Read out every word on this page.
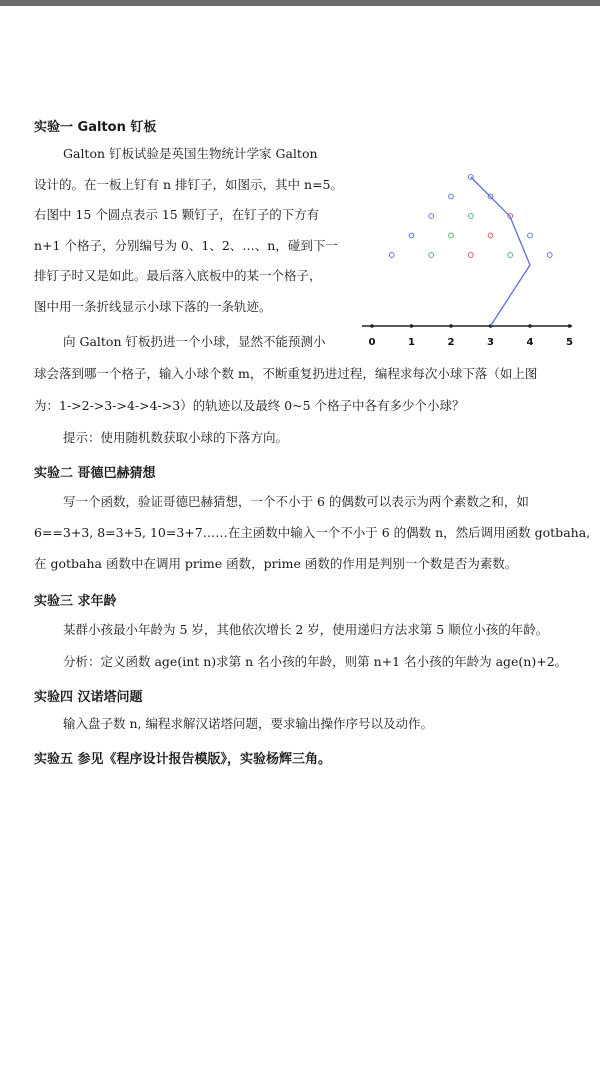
实验一 Galton 钉板
Galton 钉板试验是英国生物统计学家 Galton
设计的。在一板上钉有 n 排钉子，如图示，其中 n=5。
右图中 15 个圆点表示 15 颗钉子，在钉子的下方有
n+1 个格子，分别编号为 0、1、2、…、n，碰到下一
排钉子时又是如此。最后落入底板中的某一个格子，
图中用一条折线显示小球下落的一条轨迹。
向 Galton 钉板扔进一个小球，显然不能预测小
球会落到哪一个格子，输入小球个数 m，不断重复扔进过程，编程求每次小球下落（如上图
为：1->2->3->4->4->3）的轨迹以及最终 0~5 个格子中各有多少个小球？
提示：使用随机数获取小球的下落方向。
0	1	2	3	4	5
实验二 哥德巴赫猜想
写一个函数，验证哥德巴赫猜想，一个不小于 6 的偶数可以表示为两个素数之和，如
6==3+3, 8=3+5, 10=3+7……在主函数中输入一个不小于 6 的偶数 n，然后调用函数 gotbaha,
在 gotbaha 函数中在调用 prime 函数，prime 函数的作用是判别一个数是否为素数。
实验三 求年龄
某群小孩最小年龄为 5 岁，其他依次增长 2 岁，使用递归方法求第 5 顺位小孩的年龄。
分析：定义函数 age(int n)求第 n 名小孩的年龄，则第 n+1 名小孩的年龄为 age(n)+2。
实验四 汉诺塔问题
输入盘子数 n, 编程求解汉诺塔问题，要求输出操作序号以及动作。
实验五 参见《程序设计报告模版》，实验杨辉三角。
